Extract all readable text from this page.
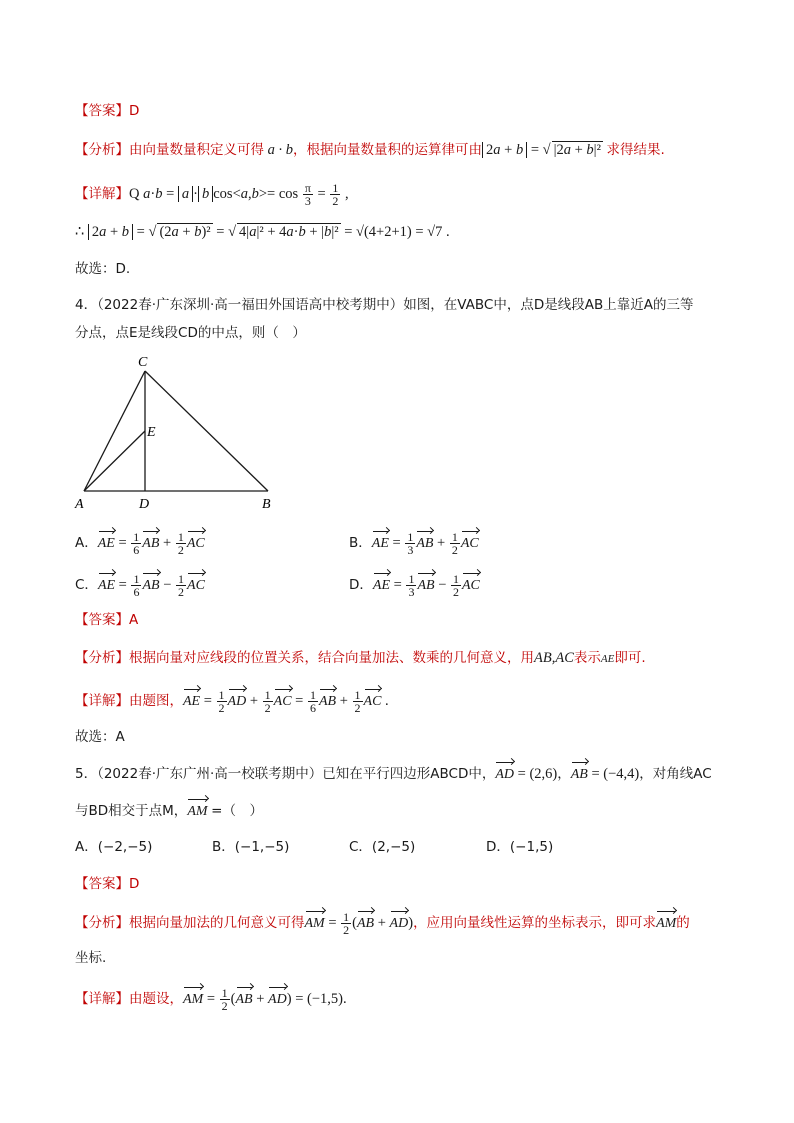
【答案】D
【分析】由向量数量积定义可得 a · b，根据向量数量积的运算律可由 2a + b = √ |2a + b|² 求得结果.
【详解】Q a·b = a · b $\cos<a,b>= \cos \frac{\pi}{3} = \frac{1}{2}$ ,
∴ 2a + b = √ (2a + b)² = √ 4|a|² + 4a·b + |b|² = √(4+2+1) = √7 .
故选：D.
4．（2022春·广东深圳·高一福田外国语高中校考期中）如图，在VABC中，点D是线段AB上靠近A的三等
分点，点E是线段CD的中点，则（　）
C
E
A	D	B
A．AE = $\frac{1}{6}$ AB + $\frac{1}{2}$ AC	B．AE = $\frac{1}{3}$ AB + $\frac{1}{2}$ AC
C．AE = $\frac{1}{6}$ AB − $\frac{1}{2}$ AC	D．AE = $\frac{1}{3}$ AB − $\frac{1}{2}$ AC
【答案】A
【分析】根据向量对应线段的位置关系，结合向量加法、数乘的几何意义，用AB,AC表示AE即可.
【详解】由题图，AE = $\frac{1}{2}$ AD + $\frac{1}{2}$ AC = $\frac{1}{6}$ AB + $\frac{1}{2}$ AC .
故选：A
5．（2022春·广东广州·高一校联考期中）已知在平行四边形ABCD中，AD = (2,6)，AB = (−4,4)，对角线AC
与BD相交于点M，AM =（　）
A．(−2,−5)	B．(−1,−5)	C．(2,−5)	D．(−1,5)
【答案】D
【分析】根据向量加法的几何意义可得AM = $\frac{1}{2} (AB + AD)$，应用向量线性运算的坐标表示，即可求AM的
坐标.
【详解】由题设，AM = $\frac{1}{2} (AB + AD) = (-1,5)$.
